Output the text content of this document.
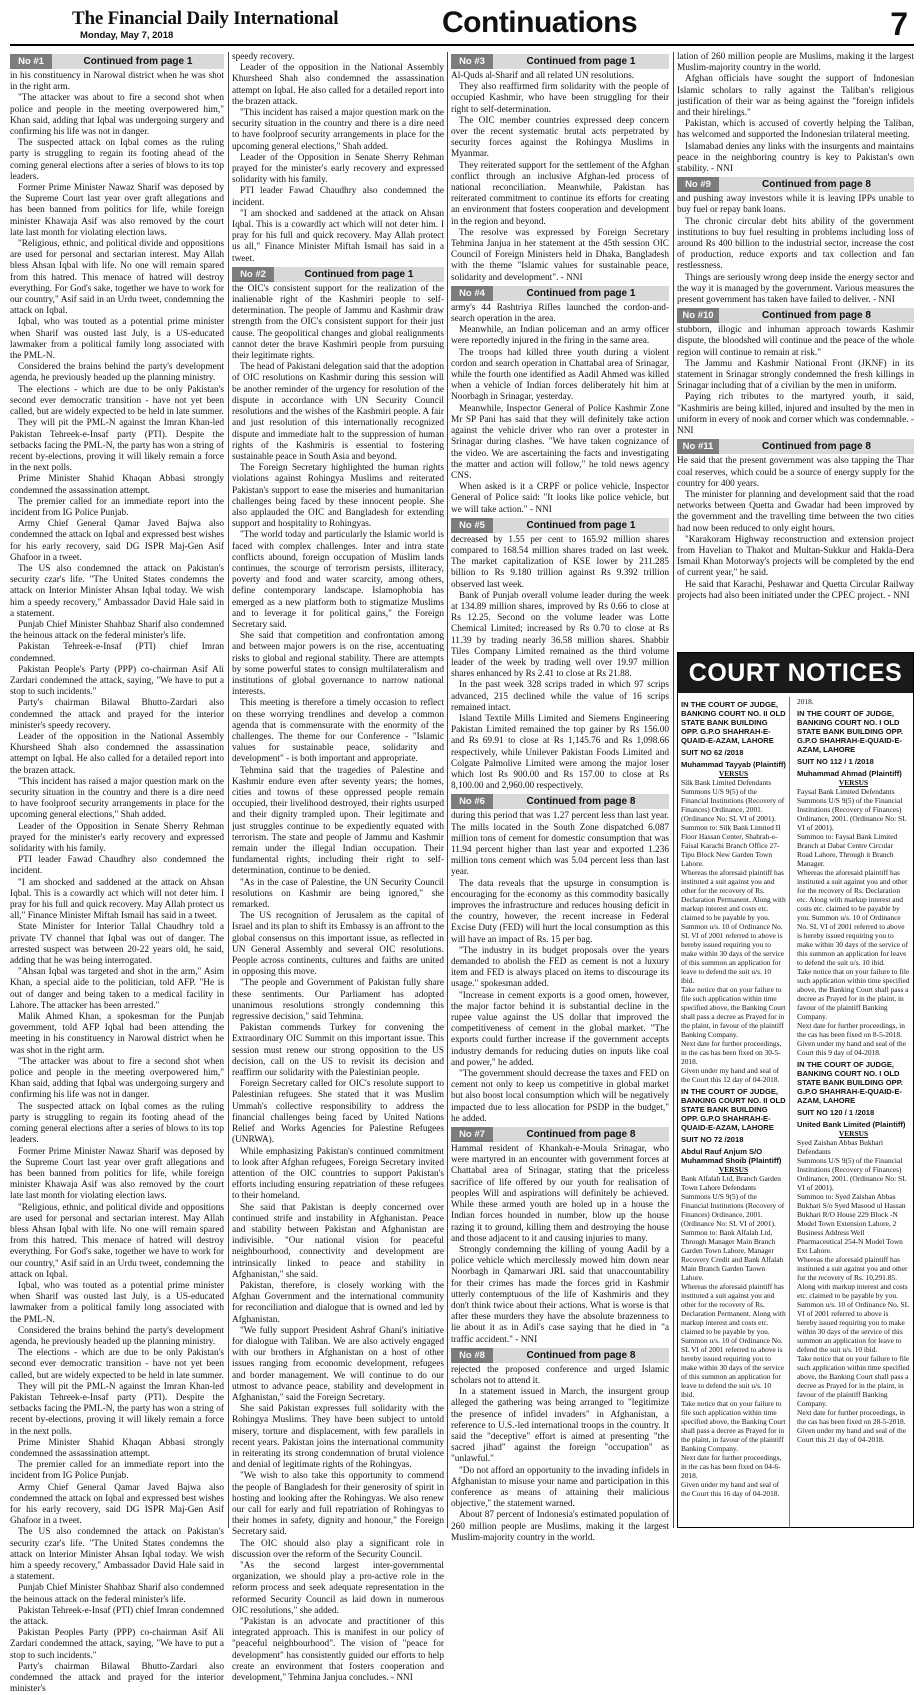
The Financial Daily International
Monday, May 7, 2018	Continuations	7
No #1	Continued from page 1

in his constituency in Narowal district when he was shot in the right arm.

"The attacker was about to fire a second shot when police and people in the meeting overpowered him," Khan said, adding that Iqbal was undergoing surgery and confirming his life was not in danger.

The suspected attack on Iqbal comes as the ruling party is struggling to regain its footing ahead of the coming general elections after a series of blows to its top leaders.

Former Prime Minister Nawaz Sharif was deposed by the Supreme Court last year over graft allegations and has been banned from politics for life, while foreign minister Khawaja Asif was also removed by the court late last month for violating election laws.

"Religious, ethnic, and political divide and oppositions are used for personal and sectarian interest. May Allah bless Ahsan Iqbal with life. No one will remain spared from this hatred. This menace of hatred will destroy everything. For God's sake, together we have to work for our country," Asif said in an Urdu tweet, condemning the attack on Iqbal.

Iqbal, who was touted as a potential prime minister when Sharif was ousted last July, is a US-educated lawmaker from a political family long associated with the PML-N.

Considered the brains behind the party's development agenda, he previously headed up the planning ministry.

The elections - which are due to be only Pakistan's second ever democratic transition - have not yet been called, but are widely expected to be held in late summer.

They will pit the PML-N against the Imran Khan-led Pakistan Tehreek-e-Insaf party (PTI). Despite the setbacks facing the PML-N, the party has won a string of recent by-elections, proving it will likely remain a force in the next polls.

Prime Minister Shahid Khaqan Abbasi strongly condemned the assassination attempt.

The premier called for an immediate report into the incident from IG Police Punjab.

Army Chief General Qamar Javed Bajwa also condemned the attack on Iqbal and expressed best wishes for his early recovery, said DG ISPR Maj-Gen Asif Ghafoor in a tweet.

The US also condemned the attack on Pakistan's security czar's life. "The United States condemns the attack on Interior Minister Ahsan Iqbal today. We wish him a speedy recovery," Ambassador David Hale said in a statement.

Punjab Chief Minister Shahbaz Sharif also condemned the heinous attack on the federal minister's life.

Pakistan Tehreek-e-Insaf (PTI) chief Imran condemned.

Pakistan People's Party (PPP) co-chairman Asif Ali Zardari condemned the attack, saying, "We have to put a stop to such incidents."

Party's chairman Bilawal Bhutto-Zardari also condemned the attack and prayed for the interior minister's speedy recovery.

Leader of the opposition in the National Assembly Khursheed Shah also condemned the assassination attempt on Iqbal. He also called for a detailed report into the brazen attack.

"This incident has raised a major question mark on the security situation in the country and there is a dire need to have foolproof security arrangements in place for the upcoming general elections," Shah added.

Leader of the Opposition in Senate Sherry Rehman prayed for the minister's early recovery and expressed solidarity with his family.

PTI leader Fawad Chaudhry also condemned the incident.

"I am shocked and saddened at the attack on Ahsan Iqbal. This is a cowardly act which will not deter him. I pray for his full and quick recovery. May Allah protect us all," Finance Minister Miftah Ismail has said in a tweet.

State Minister for Interior Tallal Chaudhry told a private TV channel that Iqbal was out of danger. The arrested suspect was between 20-22 years old, he said, adding that he was being interrogated.

"Ahsan Iqbal was targeted and shot in the arm," Asim Khan, a special aide to the politician, told AFP. "He is out of danger and being taken to a medical facility in Lahore. The attacker has been arrested."

Malik Ahmed Khan, a spokesman for the Punjab government, told AFP Iqbal had been attending the meeting in his constituency in Narowal district when he was shot in the right arm.

"The attacker was about to fire a second shot when police and people in the meeting overpowered him," Khan said, adding that Iqbal was undergoing surgery and confirming his life was not in danger.

The suspected attack on Iqbal comes as the ruling party is struggling to regain its footing ahead of the coming general elections after a series of blows to its top leaders.

Former Prime Minister Nawaz Sharif was deposed by the Supreme Court last year over graft allegations and has been banned from politics for life, while foreign minister Khawaja Asif was also removed by the court late last month for violating election laws.

"Religious, ethnic, and political divide and oppositions are used for personal and sectarian interest. May Allah bless Ahsan Iqbal with life. No one will remain spared from this hatred. This menace of hatred will destroy everything. For God's sake, together we have to work for our country," Asif said in an Urdu tweet, condemning the attack on Iqbal.

Iqbal, who was touted as a potential prime minister when Sharif was ousted last July, is a US-educated lawmaker from a political family long associated with the PML-N.

Considered the brains behind the party's development agenda, he previously headed up the planning ministry.

The elections - which are due to be only Pakistan's second ever democratic transition - have not yet been called, but are widely expected to be held in late summer.

They will pit the PML-N against the Imran Khan-led Pakistan Tehreek-e-Insaf party (PTI). Despite the setbacks facing the PML-N, the party has won a string of recent by-elections, proving it will likely remain a force in the next polls.

Prime Minister Shahid Khaqan Abbasi strongly condemned the assassination attempt.

The premier called for an immediate report into the incident from IG Police Punjab.

Army Chief General Qamar Javed Bajwa also condemned the attack on Iqbal and expressed best wishes for his early recovery, said DG ISPR Maj-Gen Asif Ghafoor in a tweet.

The US also condemned the attack on Pakistan's security czar's life. "The United States condemns the attack on Interior Minister Ahsan Iqbal today. We wish him a speedy recovery," Ambassador David Hale said in a statement.

Punjab Chief Minister Shahbaz Sharif also condemned the heinous attack on the federal minister's life.

Pakistan Tehreek-e-Insaf (PTI) chief Imran condemned the attack.

Pakistan Peoples Party (PPP) co-chairman Asif Ali Zardari condemned the attack, saying, "We have to put a stop to such incidents."

Party's chairman Bilawal Bhutto-Zardari also condemned the attack and prayed for the interior minister's

speedy recovery.

Leader of the opposition in the National Assembly Khursheed Shah also condemned the assassination attempt on Iqbal. He also called for a detailed report into the brazen attack.

"This incident has raised a major question mark on the security situation in the country and there is a dire need to have foolproof security arrangements in place for the upcoming general elections," Shah added.

Leader of the Opposition in Senate Sherry Rehman prayed for the minister's early recovery and expressed solidarity with his family.

PTI leader Fawad Chaudhry also condemned the incident.

"I am shocked and saddened at the attack on Ahsan Iqbal. This is a cowardly act which will not deter him. I pray for his full and quick recovery. May Allah protect us all," Finance Minister Miftah Ismail has said in a tweet.

No #2	Continued from page 1

the OIC's consistent support for the realization of the inalienable right of the Kashmiri people to self-determination. The people of Jammu and Kashmir draw strength from the OIC's consistent support for their just cause. The geopolitical changes and global realignments cannot deter the brave Kashmiri people from pursuing their legitimate rights.

The head of Pakistani delegation said that the adoption of OIC resolutions on Kashmir during this session will be another reminder of the urgency for resolution of the dispute in accordance with UN Security Council resolutions and the wishes of the Kashmiri people. A fair and just resolution of this internationally recognized dispute and immediate halt to the suppression of human rights of the Kashmiris is essential to fostering sustainable peace in South Asia and beyond.

The Foreign Secretary highlighted the human rights violations against Rohingya Muslims and reiterated Pakistan's support to ease the miseries and humanitarian challenges being faced by these innocent people. She also applauded the OIC and Bangladesh for extending support and hospitality to Rohingyas.

"The world today and particularly the Islamic world is faced with complex challenges. Inter and intra state conflicts abound, foreign occupation of Muslim lands continues, the scourge of terrorism persists, illiteracy, poverty and food and water scarcity, among others, define contemporary landscape. Islamophobia has emerged as a new platform both to stigmatize Muslims and to leverage it for political gains," the Foreign Secretary said.

She said that competition and confrontation among and between major powers is on the rise, accentuating risks to global and regional stability. There are attempts by some powerful states to consign multilateralism and institutions of global governance to narrow national interests.

This meeting is therefore a timely occasion to reflect on these worrying trendlines and develop a common agenda that is commensurate with the enormity of the challenges. The theme for our Conference - "Islamic values for sustainable peace, solidarity and development" - is both important and appropriate.

Tehmina said that the tragedies of Palestine and Kashmir endure even after seventy years; the homes, cities and towns of these oppressed people remain occupied, their livelihood destroyed, their rights usurped and their dignity trampled upon. Their legitimate and just struggles continue to be expediently equated with terrorism. The state and people of Jammu and Kashmir remain under the illegal Indian occupation. Their fundamental rights, including their right to self-determination, continue to be denied.

"As in the case of Palestine, the UN Security Council resolutions on Kashmir are being ignored," she remarked.

The US recognition of Jerusalem as the capital of Israel and its plan to shift its Embassy is an affront to the global consensus on this important issue, as reflected in UN General Assembly and several OIC resolutions. People across continents, cultures and faiths are united in opposing this move.

"The people and Government of Pakistan fully share these sentiments. Our Parliament has adopted unanimous resolutions strongly condemning this regressive decision," said Tehmina.

Pakistan commends Turkey for convening the Extraordinary OIC Summit on this important issue. This session must renew our strong opposition to the US decision, call on the US to revisit its decision and reaffirm our solidarity with the Palestinian people.

Foreign Secretary called for OIC's resolute support to Palestinian refugees. She stated that it was Muslim Ummah's collective responsibility to address the financial challenges being faced by United Nations Relief and Works Agencies for Palestine Refugees (UNRWA).

While emphasizing Pakistan's continued commitment to look after Afghan refugees, Foreign Secretary invited attention of the OIC countries to support Pakistan's efforts including ensuring repatriation of these refugees to their homeland.

She said that Pakistan is deeply concerned over continued strife and instability in Afghanistan. Peace and stability between Pakistan and Afghanistan are indivisible. "Our national vision for peaceful neighbourhood, connectivity and development are intrinsically linked to peace and stability in Afghanistan," she said.

Pakistan, therefore, is closely working with the Afghan Government and the international community for reconciliation and dialogue that is owned and led by Afghanistan.

"We fully support President Ashraf Ghani's initiative for dialogue with Taliban. We are also actively engaged with our brothers in Afghanistan on a host of other issues ranging from economic development, refugees and border management. We will continue to do our utmost to advance peace, stability and development in Afghanistan," said the Foreign Secretary.

She said Pakistan expresses full solidarity with the Rohingya Muslims. They have been subject to untold misery, torture and displacement, with few parallels in recent years. Pakistan joins the international community in reiterating its strong condemnation of brutal violence and denial of legitimate rights of the Rohingyas.

"We wish to also take this opportunity to commend the people of Bangladesh for their generosity of spirit in hosting and looking after the Rohingyas. We also renew our call for early and full repatriation of Rohingyas to their homes in safety, dignity and honour," the Foreign Secretary said.

The OIC should also play a significant role in discussion over the reform of the Security Council.

"As the second largest inter-governmental organization, we should play a pro-active role in the reform process and seek adequate representation in the reformed Security Council as laid down in numerous OIC resolutions," she added.

"Pakistan is an advocate and practitioner of this integrated approach. This is manifest in our policy of "peaceful neighbourhood". The vision of "peace for development" has consistently guided our efforts to help create an environment that fosters cooperation and development," Tehmina Janjua concludes. - NNI

No #3	Continued from page 1

Al-Quds al-Sharif and all related UN resolutions.

They also reaffirmed firm solidarity with the people of occupied Kashmir, who have been struggling for their right to self-determination.

The OIC member countries expressed deep concern over the recent systematic brutal acts perpetrated by security forces against the Rohingya Muslims in Myanmar.

They reiterated support for the settlement of the Afghan conflict through an inclusive Afghan-led process of national reconciliation. Meanwhile, Pakistan has reiterated commitment to continue its efforts for creating an environment that fosters cooperation and development in the region and beyond.

The resolve was expressed by Foreign Secretary Tehmina Janjua in her statement at the 45th session OIC Council of Foreign Ministers held in Dhaka, Bangladesh with the theme "Islamic values for sustainable peace, solidarity and development". - NNI

No #4	Continued from page 1

army's 44 Rashtriya Rifles launched the cordon-and-search operation in the area.

Meanwhile, an Indian policeman and an army officer were reportedly injured in the firing in the same area.

The troops had killed three youth during a violent cordon and search operation in Chattabal area of Srinagar, while the fourth one identified as Aadil Ahmed was killed when a vehicle of Indian forces deliberately hit him at Noorbagh in Srinagar, yesterday.

Meanwhile, Inspector General of Police Kashmir Zone Mr SP Pani has said that they will definitely take action against the vehicle driver who ran over a protester in Srinagar during clashes. "We have taken cognizance of the video. We are ascertaining the facts and investigating the matter and action will follow," he told news agency CNS.

When asked is it a CRPF or police vehicle, Inspector General of Police said: "It looks like police vehicle, but we will take action." - NNI

No #5	Continued from page 1

decreased by 1.55 per cent to 165.92 million shares compared to 168.54 million shares traded on last week. The market capitalization of KSE lower by 211.285 billion to Rs 9.180 trillion against Rs 9.392 trillion observed last week.

Bank of Punjab overall volume leader during the week at 134.89 million shares, improved by Rs 0.66 to close at Rs 12.25. Second on the volume leader was Lotte Chemical Limited; increased by Rs 0.70 to close at Rs 11.39 by trading nearly 36.58 million shares. Shabbir Tiles Company Limited remained as the third volume leader of the week by trading well over 19.97 million shares enhanced by Rs 2.41 to close at Rs 21.88.

In the past week 328 scrips traded in which 97 scrips advanced, 215 declined while the value of 16 scrips remained intact.

Island Textile Mills Limited and Siemens Engineering Pakistan Limited remained the top gainer by Rs 156.00 and Rs 69.91 to close at Rs 1,145.76 and Rs 1,098.66 respectively, while Unilever Pakistan Foods Limited and Colgate Palmolive Limited were among the major loser which lost Rs 900.00 and Rs 157.00 to close at Rs 8,100.00 and 2,960.00 respectively.

No #6	Continued from page 8

during this period that was 1.27 percent less than last year. The mills located in the South Zone dispatched 6.087 million tons of cement for domestic consumption that was 11.94 percent higher than last year and exported 1.236 million tons cement which was 5.04 percent less than last year.

The data reveals that the upsurge in consumption is encouraging for the economy as this commodity basically improves the infrastructure and reduces housing deficit in the country, however, the recent increase in Federal Excise Duty (FED) will hurt the local consumption as this will have an impact of Rs. 15 per bag.

"The industry in its budget proposals over the years demanded to abolish the FED as cement is not a luxury item and FED is always placed on items to discourage its usage." spokesman added.

"Increase in cement exports is a good omen, however, the major factor behind it is substantial decline in the rupee value against the US dollar that improved the competitiveness of cement in the global market. "The exports could further increase if the government accepts industry demands for reducing duties on inputs like coal and power," he added.

"The government should decrease the taxes and FED on cement not only to keep us competitive in global market but also boost local consumption which will be negatively impacted due to less allocation for PSDP in the budget," he added.

No #7	Continued from page 8

Hammal resident of Khankah-e-Moula Srinagar, who were martyred in an encounter with government forces at Chattabal area of Srinagar, stating that the priceless sacrifice of life offered by our youth for realisation of peoples Will and aspirations will definitely be achieved. While these armed youth are holed up in a house the Indian forces hounded in number, blow up the house razing it to ground, killing them and destroying the house and those adjacent to it and causing injuries to many.

Strongly condemning the killing of young Aadil by a police vehicle which mercilessly mowed him down near Noorbagh in Qamarwari JRL said that unaccountability for their crimes has made the forces grid in Kashmir utterly contemptuous of the life of Kashmiris and they don't think twice about their actions. What is worse is that after these murders they have the absolute brazenness to lie about it as in Adil's case saying that he died in "a traffic accident." - NNI

No #8	Continued from page 8

rejected the proposed conference and urged Islamic scholars not to attend it.

In a statement issued in March, the insurgent group alleged the gathering was being arranged to "legitimize the presence of infidel invaders" in Afghanistan, a reference to U.S.-led international troops in the country. It said the "deceptive" effort is aimed at presenting "the sacred jihad" against the foreign "occupation" as "unlawful."

"Do not afford an opportunity to the invading infidels in Afghanistan to misuse your name and participation in this conference as means of attaining their malicious objective," the statement warned.

About 87 percent of Indonesia's estimated population of 260 million people are Muslims, making it the largest Muslim-majority country in the world.

lation of 260 million people are Muslims, making it the largest Muslim-majority country in the world.

Afghan officials have sought the support of Indonesian Islamic scholars to rally against the Taliban's religious justification of their war as being against the "foreign infidels and their hirelings."

Pakistan, which is accused of covertly helping the Taliban, has welcomed and supported the Indonesian trilateral meeting.

Islamabad denies any links with the insurgents and maintains peace in the neighboring country is key to Pakistan's own stability. - NNI

No #9	Continued from page 8

and pushing away investors while it is leaving IPPs unable to buy fuel or repay bank loans.

The chronic circular debt hits ability of the government institutions to buy fuel resulting in problems including loss of around Rs 400 billion to the industrial sector, increase the cost of production, reduce exports and tax collection and fan restlessness.

Things are seriously wrong deep inside the energy sector and the way it is managed by the government. Various measures the present government has taken have failed to deliver. - NNI

No #10	Continued from page 8

stubborn, illogic and inhuman approach towards Kashmir dispute, the bloodshed will continue and the peace of the whole region will continue to remain at risk."

The Jammu and Kashmir National Front (JKNF) in its statement in Srinagar strongly condemned the fresh killings in Srinagar including that of a civilian by the men in uniform.

Paying rich tributes to the martyred youth, it said, "Kashmiris are being killed, injured and insulted by the men in uniform in every of nook and corner which was condemnable. - NNI

No #11	Continued from page 8

He said that the present government was also tapping the Thar coal reserves, which could be a source of energy supply for the country for 400 years.

The minister for planning and development said that the road networks between Quetta and Gwadar had been improved by the government and the travelling time between the two cities had now been reduced to only eight hours.

"Karakoram Highway reconstruction and extension project from Havelian to Thakot and Multan-Sukkur and Hakla-Dera Ismail Khan Motorway's projects will be completed by the end of current year," he said.

He said that Karachi, Peshawar and Quetta Circular Railway projects had also been initiated under the CPEC project. - NNI

COURT NOTICES

IN THE COURT OF JUDGE, BANKING COURT NO. II OLD STATE BANK BUILDING OPP. G.P.O SHAHRAH-E-QUAID-E-AZAM, LAHORE

SUIT NO 62 /2018

Muhammad Tayyab (Plaintiff)

VERSUS

Silk Bank Limited Defendants

Summons U/S 9(5) of the Financial Institutions (Recovery of Finances) Ordinance, 2001. (Ordinance No: SL VI of 2001).

Summon to: Silk Bank Limited II Floor Hassan Center, Shahrah-e-Faisal Karachi Branch Office 27-Tipu Block New Garden Town Lahore.

Whereas the aforesaid plaintiff has instituted a suit against you and other for the recovery of Rs. Declaration Permanent. Along with markup interest and costs etc. claimed to be payable by you. Summon u/s. 10 of Ordinance No. SL VI of 2001 referred to above is hereby issued requiring you to make within 30 days of the service of this summon an application for leave to defend the suit u/s. 10 ibid.

Take notice that on your failure to file such application within time specified above, the Banking Court shall pass a decree as Prayed for in the plaint, in favour of the plaintiff Banking Company.

Next date for further proceedings, in the cas has been fixed on 30-5-2018.

Given under my hand and seal of the Court this 12 day of 04-2018.

IN THE COURT OF JUDGE, BANKING COURT NO. II OLD STATE BANK BUILDING OPP. G.P.O SHAHRAH-E-QUAID-E-AZAM, LAHORE

SUIT NO 72 /2018

Abdul Rauf Anjum S/O Muhammad Shoib (Plaintiff)

VERSUS

Bank Alfalah Ltd, Branch Garden Town Lahore Defendants

Summons U/S 9(5) of the Financial Institutions (Recovery of Finances) Ordinance, 2001. (Ordinance No: SL VI of 2001).

Summon to: Bank Alfalah Ltd, Through Manager Main Branch Garden Town Lahore, Manager Recovery Credit and Bank Alfalah Main Branch Garden Taown Lahore.

Whereas the aforesaid plaintiff has instituted a suit against you and other for the recovery of Rs. Declaration Permanent. Along with markup interest and costs etc. claimed to be payable by you. Summon u/s. 10 of Ordinance No. SL VI of 2001 referred to above is hereby issued requiring you to make within 30 days of the service of this summon an application for leave to defend the suit u/s. 10 ibid.

Take notice that on your failure to file such application within time specified above, the Banking Court shall pass a decree as Prayed for in the plaint, in favour of the plaintiff Banking Company.

Next date for further proceedings, in the cas has been fixed on 04-6-2018.

Given under my hand and seal of the Court this 16 day of 04-2018.

2018.

IN THE COURT OF JUDGE, BANKING COURT NO. I OLD STATE BANK BUILDING OPP. G.P.O SHAHRAH-E-QUAID-E-AZAM, LAHORE

SUIT NO 112 / 1 /2018

Muhammad Ahmad (Plaintiff)

VERSUS

Faysal Bank Limited Defendants

Summons U/S 9(5) of the Financial Institutions (Recovery of Finances) Ordinance, 2001. (Ordinance No: SL VI of 2001).

Summon to: Faysal Bank Limited Branch at Dabar Centre Circular Road Lahore, Through it Branch Manager.

Whereas the aforesaid plaintiff has instituted a suit against you and other for the recovery of Rs. Declaration etc. Along with markup interest and costs etc. claimed to be payable by you. Summon u/s. 10 of Ordinance No. SL VI of 2001 referred to above is hereby issued requiring you to make within 30 days of the service of this summon an application for leave to defend the suit u/s. 10 ibid.

Take notice that on your failure to file such application within time specified above, the Banking Court shall pass a decree as Prayed for in the plaint, in favour of the plaintiff Banking Company.

Next date for further proceedings, in the cas has been fixed on 8-5-2018.

Given under my hand and seal of the Court this 9 day of 04-2018.

IN THE COURT OF JUDGE, BANKING COURT NO. I OLD STATE BANK BUILDING OPP. G.P.O SHAHRAH-E-QUAID-E-AZAM, LAHORE

SUIT NO 120 / 1 /2018

United Bank Limited (Plaintiff)

VERSUS

Syed Zaishan Abbas Bukhari Defendants

Summons U/S 9(5) of the Financial Institutions (Recovery of Finances) Ordinance, 2001. (Ordinance No: SL VI of 2001).

Summon to: Syed Zaishan Abbas Bukhari S/o Syed Masood ul Hassan Bukhari R/O House 229 Block -N Model Town Extension Lahore, 2 Business Address Well Pharmaceutical 254-N Model Town Ext Lahore.

Whereas the aforesaid plaintiff has instituted a suit against you and other for the recovery of Rs. 10,291.85. Along with markup interest and costs etc. claimed to be payable by you. Summon u/s. 10 of Ordinance No. SL VI of 2001 referred to above is hereby issued requiring you to make within 30 days of the service of this summon an application for leave to defend the suit u/s. 10 ibid.

Take notice that on your failure to file such application within time specified above, the Banking Court shall pass a decree as Prayed for in the plaint, in favour of the plaintiff Banking Company.

Next date for further proceedings, in the cas has been fixed on 28-5-2018.

Given under my hand and seal of the Court this 21 day of 04-2018.
